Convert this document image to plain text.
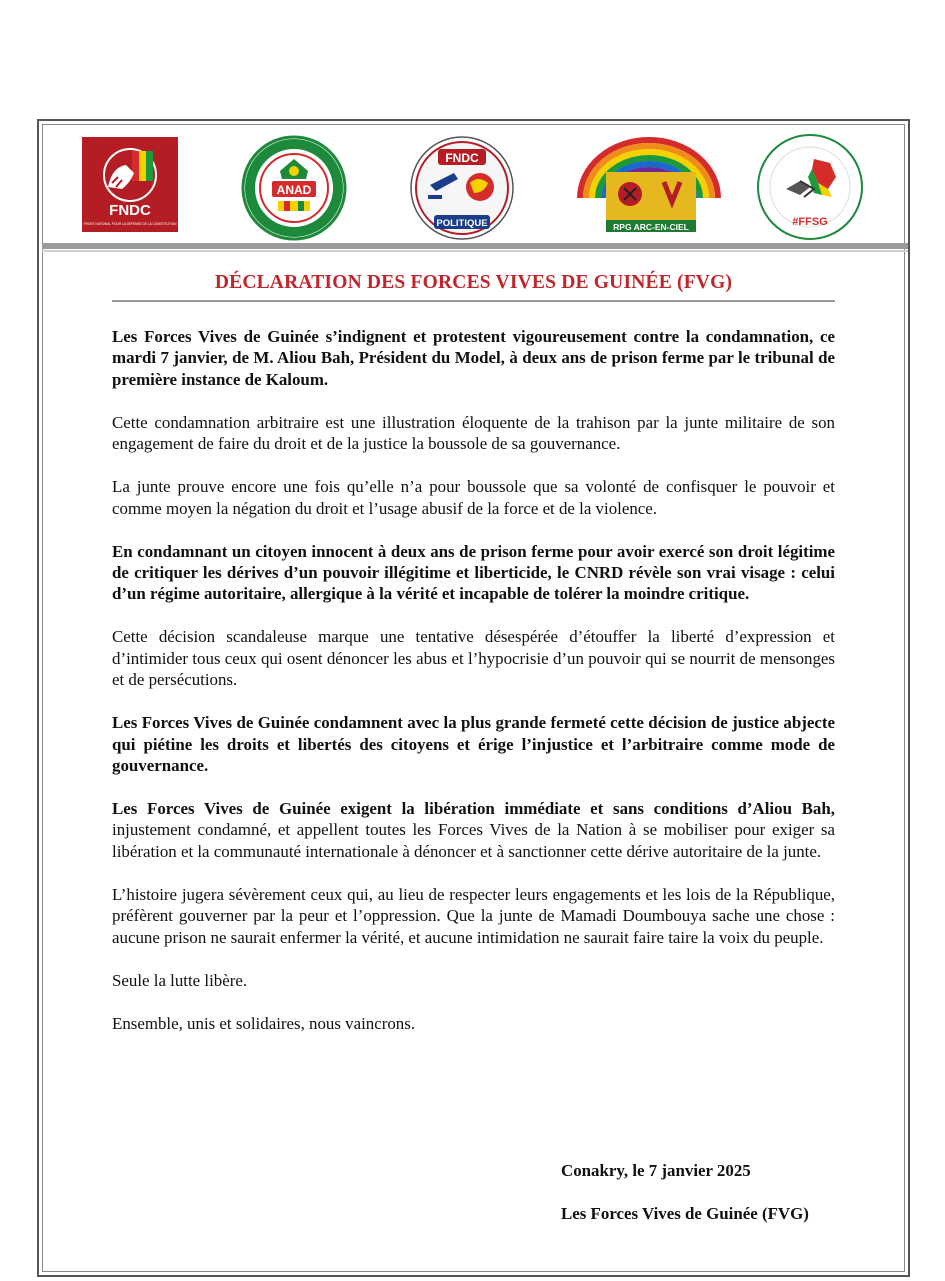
FNDC
FRONT NATIONAL POUR LA DÉFENSE DE LA CONSTITUTION
ANAD
FNDC
POLITIQUE	RPG ARC-EN-CIEL	#FFSG
DÉCLARATION DES FORCES VIVES DE GUINÉE (FVG)

Les Forces Vives de Guinée s’indignent et protestent vigoureusement contre la condamnation, ce mardi 7 janvier, de M. Aliou Bah, Président du Model, à deux ans de prison ferme par le tribunal de première instance de Kaloum.

Cette condamnation arbitraire est une illustration éloquente de la trahison par la junte militaire de son engagement de faire du droit et de la justice la boussole de sa gouvernance.

La junte prouve encore une fois qu’elle n’a pour boussole que sa volonté de confisquer le pouvoir et comme moyen la négation du droit et l’usage abusif de la force et de la violence.

En condamnant un citoyen innocent à deux ans de prison ferme pour avoir exercé son droit légitime de critiquer les dérives d’un pouvoir illégitime et liberticide, le CNRD révèle son vrai visage : celui d’un régime autoritaire, allergique à la vérité et incapable de tolérer la moindre critique.

Cette décision scandaleuse marque une tentative désespérée d’étouffer la liberté d’expression et d’intimider tous ceux qui osent dénoncer les abus et l’hypocrisie d’un pouvoir qui se nourrit de mensonges et de persécutions.

Les Forces Vives de Guinée condamnent avec la plus grande fermeté cette décision de justice abjecte qui piétine les droits et libertés des citoyens et érige l’injustice et l’arbitraire comme mode de gouvernance.

Les Forces Vives de Guinée exigent la libération immédiate et sans conditions d’Aliou Bah, injustement condamné, et appellent toutes les Forces Vives de la Nation à se mobiliser pour exiger sa libération et la communauté internationale à dénoncer et à sanctionner cette dérive autoritaire de la junte.

L’histoire jugera sévèrement ceux qui, au lieu de respecter leurs engagements et les lois de la République, préfèrent gouverner par la peur et l’oppression. Que la junte de Mamadi Doumbouya sache une chose : aucune prison ne saurait enfermer la vérité, et aucune intimidation ne saurait faire taire la voix du peuple.

Seule la lutte libère.

Ensemble, unis et solidaires, nous vaincrons.

Conakry, le 7 janvier 2025
Les Forces Vives de Guinée (FVG)
